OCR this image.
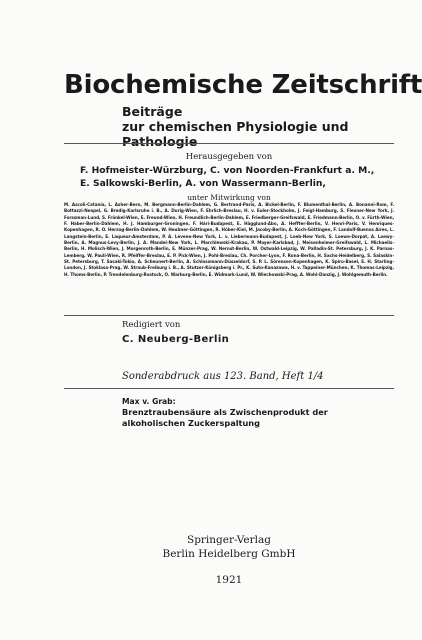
Biochemische Zeitschrift
Beiträge
zur chemischen Physiologie und Pathologie
Herausgegeben von
F. Hofmeister-Würzburg, C. von Noorden-Frankfurt a. M.,
E. Salkowski-Berlin, A. von Wassermann-Berlin,
unter Mitwirkung von
M. Ascoli-Catania, L. Asher-Bern, M. Bergmann-Berlin-Dahlem, G. Bertrand-Paris, A. Bickel-Berlin, F. Blumenthal-Berlin, A. Bonanni-Rom, F. Bottazzi-Neapel, G. Bredig-Karlsruhe i. B., A. Durig-Wien, F. Ehrlich-Breslau, H. v. Euler-Stockholm, J. Feigl-Hamburg, S. Flexner-New York, J. Forssman-Lund, S. Fränkel-Wien, E. Freund-Wien, H. Freundlich-Berlin-Dahlem, E. Friedberger-Greifswald, E. Friedmann-Berlin, O. v. Fürth-Wien, F. Haber-Berlin-Dahlem, H. J. Hamburger-Groningen, F. Hári-Budapest, E. Hägglund-Åbo, A. Heffter-Berlin, V. Henri-Paris, V. Henriques-Kopenhagen, R. O. Herzog-Berlin-Dahlem, W. Heubner-Göttingen, R. Höber-Kiel, M. Jacoby-Berlin, A. Koch-Göttingen, F. Landolf-Buenos Aires, L. Langstein-Berlin, E. Laqueur-Amsterdam, P. A. Levene-New York, L. v. Liebermann-Budapest, J. Loeb-New York, S. Loewe-Dorpat, A. Loewy-Berlin, A. Magnus-Levy-Berlin, J. A. Mandel-New York, L. Marchlewski-Krakau, P. Mayer-Karlsbad, J. Meisenheimer-Greifswald, L. Michaelis-Berlin, H. Molisch-Wien, J. Morgenroth-Berlin, E. Münzer-Prag, W. Nernst-Berlin, W. Ostwald-Leipzig, W. Palladin-St. Petersburg, J. K. Parnas-Lemberg, W. Pauli-Wien, R. Pfeiffer-Breslau, E. P. Pick-Wien, J. Pohl-Breslau, Ch. Porcher-Lyon, F. Rona-Berlin, H. Sachs-Heidelberg, S. Salaskin-St. Petersburg, T. Sasaki-Tokio, A. Scheunert-Berlin, A. Schlossmann-Düsseldorf, S. P. L. Sörensen-Kopenhagen, K. Spiro-Basel, E. H. Starling-London, J. Stoklasa-Prag, W. Straub-Freiburg i. B., A. Stutzer-Königsberg i. Pr., K. Suto-Kanazawa, H. v. Tappeiner-München, K. Thomas-Leipzig, H. Thoms-Berlin, P. Trendelenburg-Rostock, O. Warburg-Berlin, E. Widmark-Lund, W. Wiechowski-Prag, A. Wohl-Danzig, J. Wohlgemuth-Berlin.
Redigiert von
C. Neuberg-Berlin
Sonderabdruck aus 123. Band, Heft 1/4
Max v. Grab:
Brenztraubensäure als Zwischenprodukt der alkoholischen Zuckerspaltung
Springer-Verlag
Berlin Heidelberg GmbH
1921
